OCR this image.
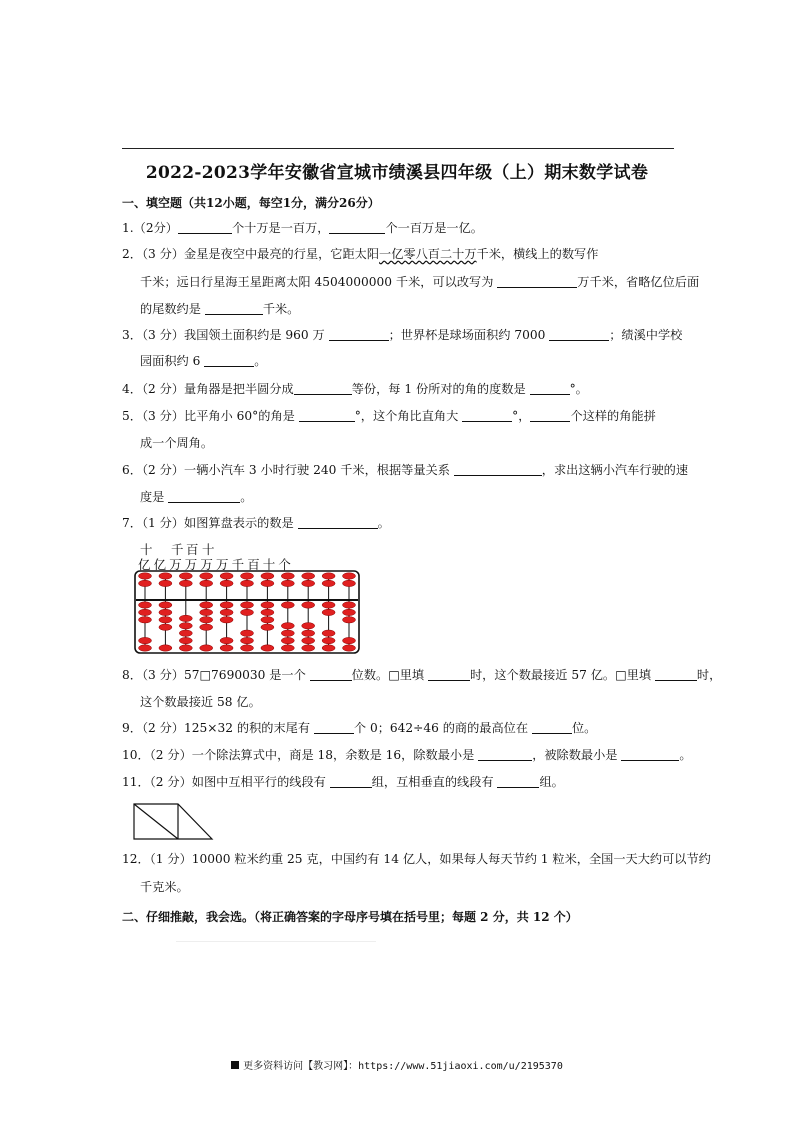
2022-2023学年安徽省宣城市绩溪县四年级（上）期末数学试卷
一、填空题（共12小题，每空1分，满分26分）
1.（2分）	个十万是一百万，	个一百万是一亿。
2．（3 分）金星是夜空中最亮的行星，它距太阳一亿零八百二十万千米，横线上的数写作
千米；远日行星海王星距离太阳 4504000000 千米，可以改写为	万千米，省略亿位后面
的尾数约是	千米。
3．（3 分）我国领土面积约是 960 万	；世界杯是球场面积约 7000	；绩溪中学校
园面积约 6	。
4．（2 分）量角器是把半圆分成	等份，每 1 份所对的角的度数是	°。
5．（3 分）比平角小 60°的角是	°，这个角比直角大	°，	个这样的角能拼
成一个周角。
6．（2 分）一辆小汽车 3 小时行驶 240 千米，根据等量关系	，求出这辆小汽车行驶的速
度是	。
7．（1 分）如图算盘表示的数是	。
十 千 百 十
亿 亿 万 万 万 万 千 百 十 个
8．（3 分）57□7690030 是一个	位数。□里填	时，这个数最接近 57 亿。□里填	时，
这个数最接近 58 亿。
9．（2 分）125×32 的积的末尾有	个 0；642÷46 的商的最高位在	位。
10．（2 分）一个除法算式中，商是 18，余数是 16，除数最小是	，被除数最小是	。
11．（2 分）如图中互相平行的线段有	组，互相垂直的线段有	组。
12．（1 分）10000 粒米约重 25 克，中国约有 14 亿人，如果每人每天节约 1 粒米，全国一天大约可以节约
千克米。
二、仔细推敲，我会选。（将正确答案的字母序号填在括号里；每题 2 分，共 12 个）
更多资料访问【教习网】：https://www.51jiaoxi.com/u/2195370
